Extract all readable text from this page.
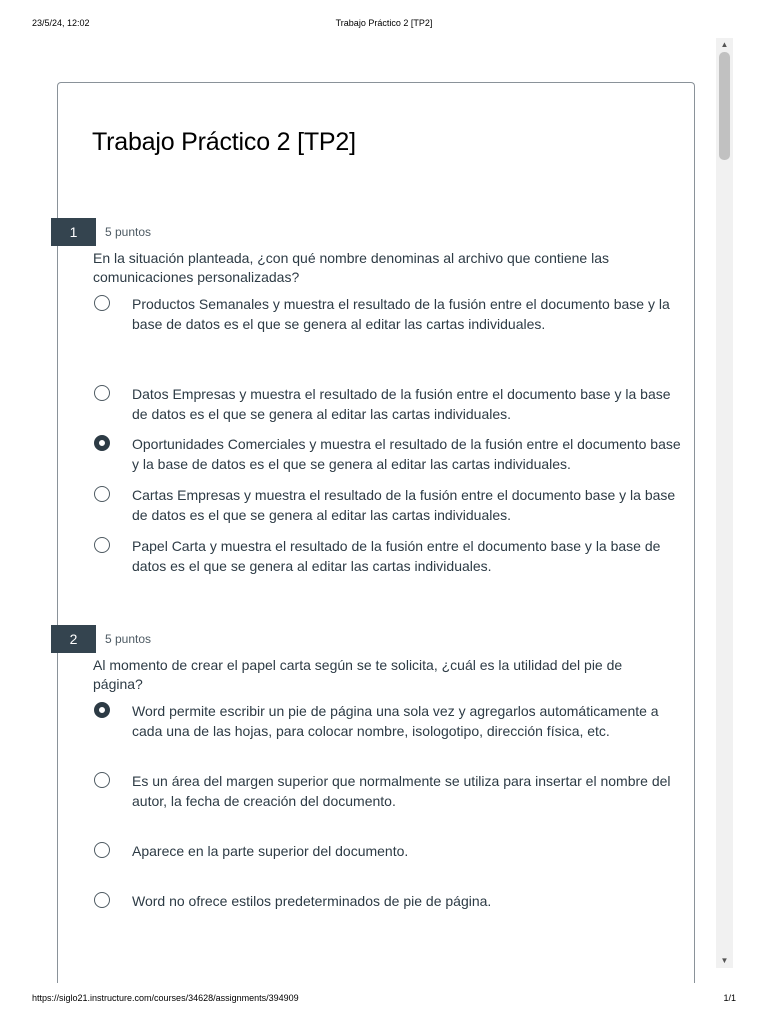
23/5/24, 12:02	Trabajo Práctico 2 [TP2]
▲
▼
Trabajo Práctico 2 [TP2]
1	5 puntos
En la situación planteada, ¿con qué nombre denominas al archivo que contiene las comunicaciones personalizadas?
Productos Semanales y muestra el resultado de la fusión entre el documento base y la base de datos es el que se genera al editar las cartas individuales.
Datos Empresas y muestra el resultado de la fusión entre el documento base y la base de datos es el que se genera al editar las cartas individuales.
Oportunidades Comerciales y muestra el resultado de la fusión entre el documento base y la base de datos es el que se genera al editar las cartas individuales.
Cartas Empresas y muestra el resultado de la fusión entre el documento base y la base de datos es el que se genera al editar las cartas individuales.
Papel Carta y muestra el resultado de la fusión entre el documento base y la base de datos es el que se genera al editar las cartas individuales.
2	5 puntos
Al momento de crear el papel carta según se te solicita, ¿cuál es la utilidad del pie de página?
Word permite escribir un pie de página una sola vez y agregarlos automáticamente a cada una de las hojas, para colocar nombre, isologotipo, dirección física, etc.
Es un área del margen superior que normalmente se utiliza para insertar el nombre del autor, la fecha de creación del documento.
Aparece en la parte superior del documento.
Word no ofrece estilos predeterminados de pie de página.
https://siglo21.instructure.com/courses/34628/assignments/394909	1/1
